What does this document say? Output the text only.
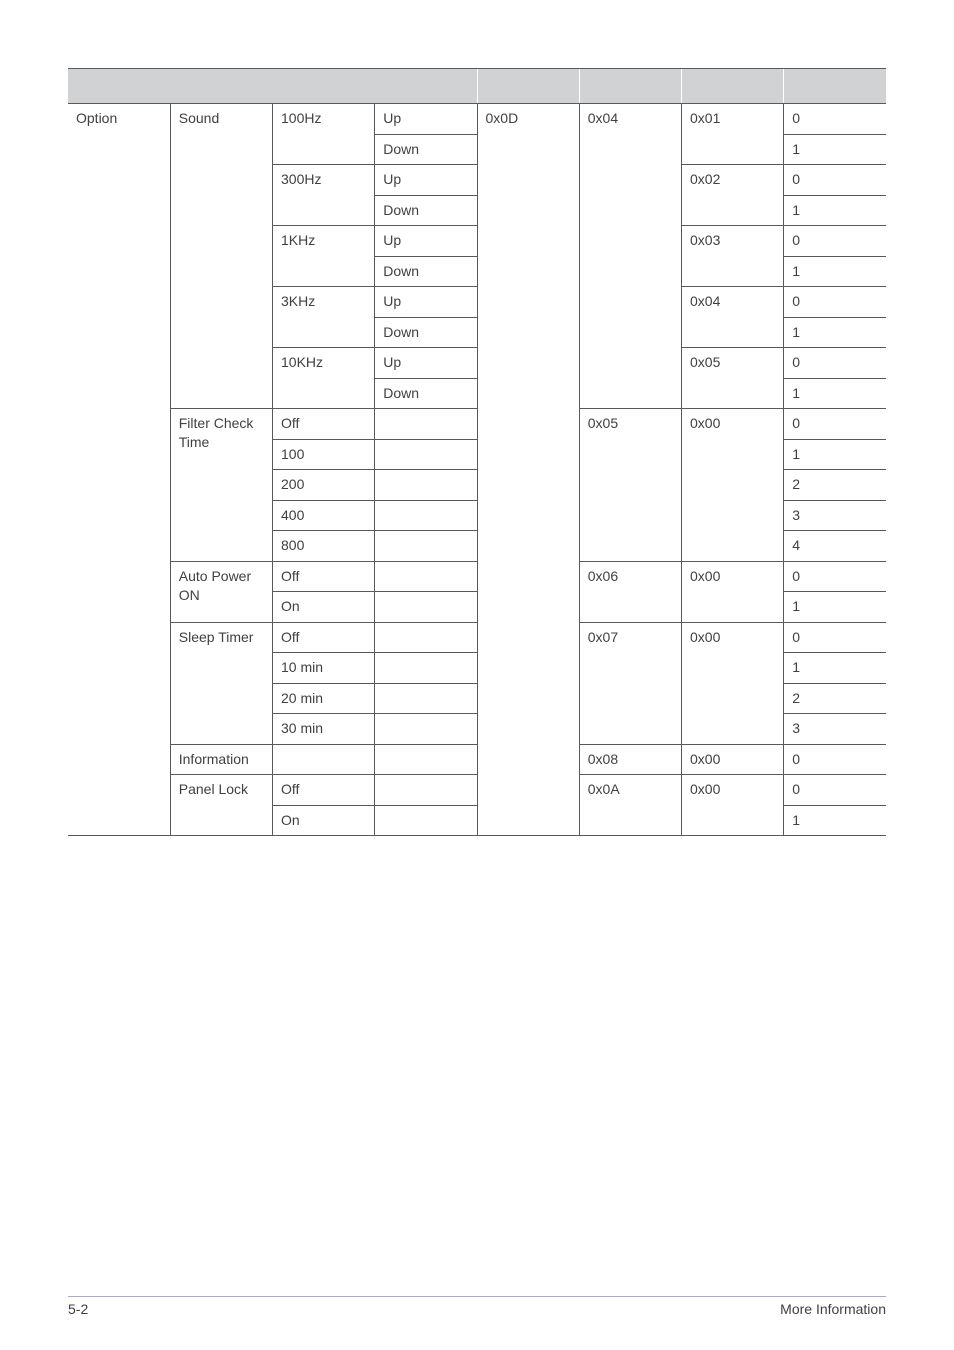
Option	Sound	100Hz	Up	0x0D	0x04	0x01	0

			Down				1

		300Hz	Up			0x02	0

			Down				1

		1KHz	Up			0x03	0

			Down				1

		3KHz	Up			0x04	0

			Down				1

		10KHz	Up			0x05	0

			Down				1

	Filter Check Time	Off			0x05	0x00	0

		100					1

		200					2

		400					3

		800					4

	Auto Power ON	Off			0x06	0x00	0

		On					1

	Sleep Timer	Off			0x07	0x00	0

		10 min					1

		20 min					2

		30 min					3

	Information				0x08	0x00	0

	Panel Lock	Off			0x0A	0x00	0

		On					1
5-2	More Information
